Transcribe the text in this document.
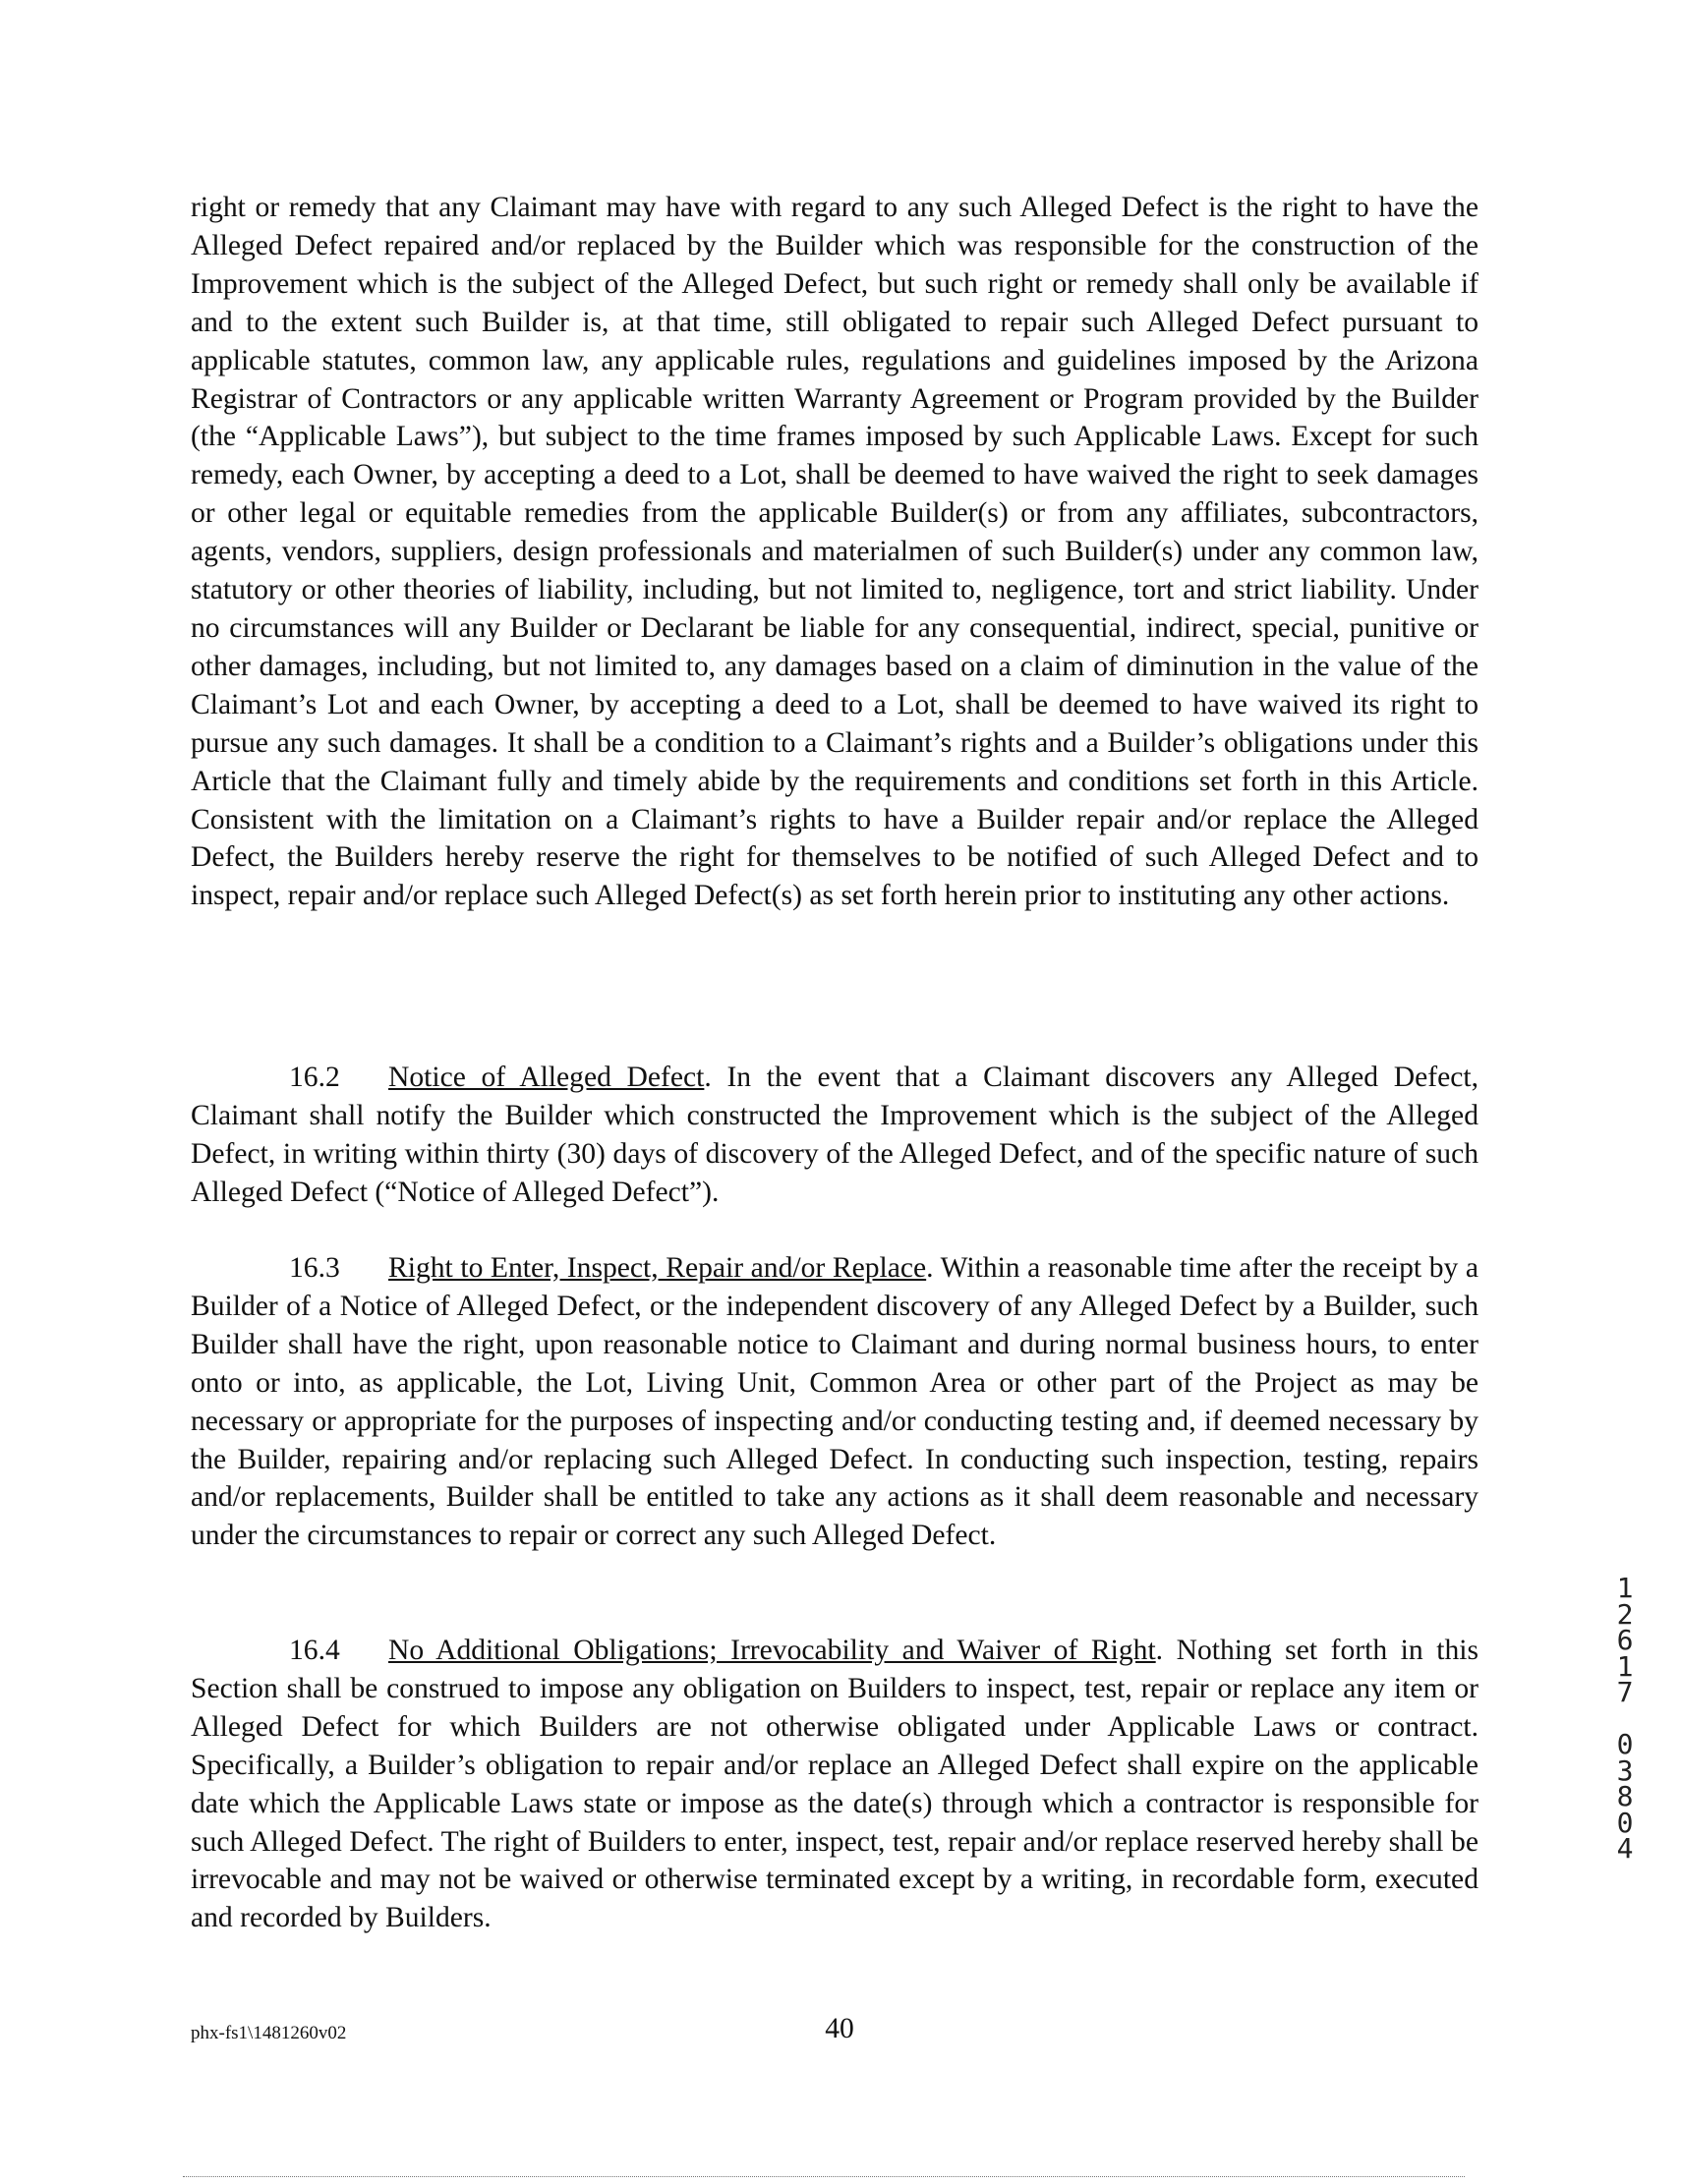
right or remedy that any Claimant may have with regard to any such Alleged Defect is the right to have the Alleged Defect repaired and/or replaced by the Builder which was responsible for the construction of the Improvement which is the subject of the Alleged Defect, but such right or remedy shall only be available if and to the extent such Builder is, at that time, still obligated to repair such Alleged Defect pursuant to applicable statutes, common law, any applicable rules, regulations and guidelines imposed by the Arizona Registrar of Contractors or any applicable written Warranty Agreement or Program provided by the Builder (the “Applicable Laws”), but subject to the time frames imposed by such Applicable Laws. Except for such remedy, each Owner, by accepting a deed to a Lot, shall be deemed to have waived the right to seek damages or other legal or equitable remedies from the applicable Builder(s) or from any affiliates, subcontractors, agents, vendors, suppliers, design professionals and materialmen of such Builder(s) under any common law, statutory or other theories of liability, including, but not limited to, negligence, tort and strict liability. Under no circumstances will any Builder or Declarant be liable for any consequential, indirect, special, punitive or other damages, including, but not limited to, any damages based on a claim of diminution in the value of the Claimant’s Lot and each Owner, by accepting a deed to a Lot, shall be deemed to have waived its right to pursue any such damages. It shall be a condition to a Claimant’s rights and a Builder’s obligations under this Article that the Claimant fully and timely abide by the requirements and conditions set forth in this Article. Consistent with the limitation on a Claimant’s rights to have a Builder repair and/or replace the Alleged Defect, the Builders hereby reserve the right for themselves to be notified of such Alleged Defect and to inspect, repair and/or replace such Alleged Defect(s) as set forth herein prior to instituting any other actions.

16.2 Notice of Alleged Defect. In the event that a Claimant discovers any Alleged Defect, Claimant shall notify the Builder which constructed the Improvement which is the subject of the Alleged Defect, in writing within thirty (30) days of discovery of the Alleged Defect, and of the specific nature of such Alleged Defect (“Notice of Alleged Defect”).

16.3 Right to Enter, Inspect, Repair and/or Replace. Within a reasonable time after the receipt by a Builder of a Notice of Alleged Defect, or the independent discovery of any Alleged Defect by a Builder, such Builder shall have the right, upon reasonable notice to Claimant and during normal business hours, to enter onto or into, as applicable, the Lot, Living Unit, Common Area or other part of the Project as may be necessary or appropriate for the purposes of inspecting and/or conducting testing and, if deemed necessary by the Builder, repairing and/or replacing such Alleged Defect. In conducting such inspection, testing, repairs and/or replacements, Builder shall be entitled to take any actions as it shall deem reasonable and necessary under the circumstances to repair or correct any such Alleged Defect.

16.4 No Additional Obligations; Irrevocability and Waiver of Right. Nothing set forth in this Section shall be construed to impose any obligation on Builders to inspect, test, repair or replace any item or Alleged Defect for which Builders are not otherwise obligated under Applicable Laws or contract. Specifically, a Builder’s obligation to repair and/or replace an Alleged Defect shall expire on the applicable date which the Applicable Laws state or impose as the date(s) through which a contractor is responsible for such Alleged Defect. The right of Builders to enter, inspect, test, repair and/or replace reserved hereby shall be irrevocable and may not be waived or otherwise terminated except by a writing, in recordable form, executed and recorded by Builders.

1
2
6
1
7

0
3
8
0
4
phx-fs1\1481260v02	40
